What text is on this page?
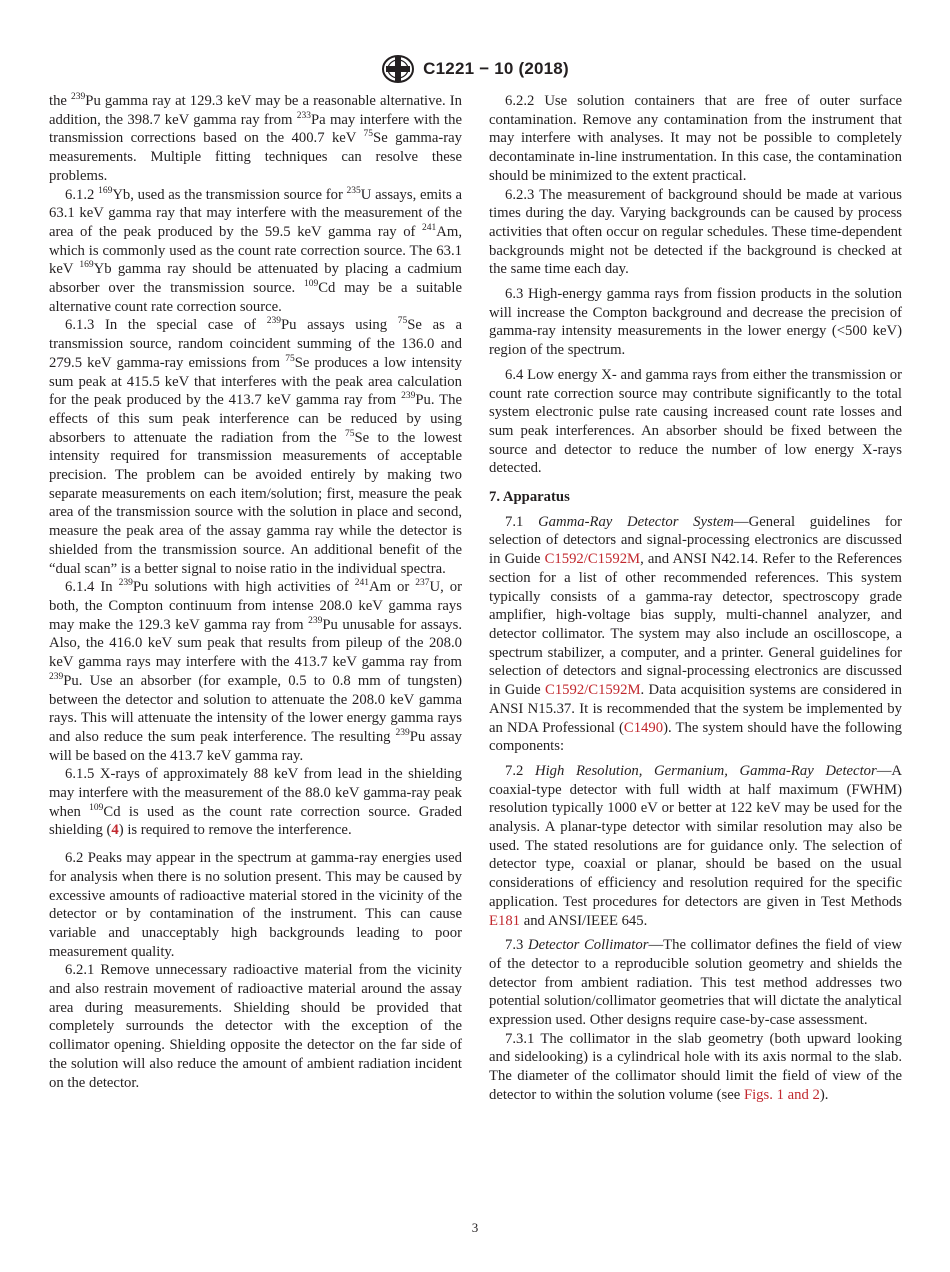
C1221 − 10 (2018)

the $^{239}$Pu gamma ray at 129.3 keV may be a reasonable alternative. In addition, the 398.7 keV gamma ray from $^{233}$Pa may interfere with the transmission corrections based on the 400.7 keV $^{75}$Se gamma-ray measurements. Multiple fitting techniques can resolve these problems.

6.1.2 $^{169}$Yb, used as the transmission source for $^{235}$U assays, emits a 63.1 keV gamma ray that may interfere with the measurement of the area of the peak produced by the 59.5 keV gamma ray of $^{241}$Am, which is commonly used as the count rate correction source. The 63.1 keV $^{169}$Yb gamma ray should be attenuated by placing a cadmium absorber over the transmission source. $^{109}$Cd may be a suitable alternative count rate correction source.

6.1.3 In the special case of $^{239}$Pu assays using $^{75}$Se as a transmission source, random coincident summing of the 136.0 and 279.5 keV gamma-ray emissions from $^{75}$Se produces a low intensity sum peak at 415.5 keV that interferes with the peak area calculation for the peak produced by the 413.7 keV gamma ray from $^{239}$Pu. The effects of this sum peak interference can be reduced by using absorbers to attenuate the radiation from the $^{75}$Se to the lowest intensity required for transmission measurements of acceptable precision. The problem can be avoided entirely by making two separate measurements on each item/solution; first, measure the peak area of the transmission source with the solution in place and second, measure the peak area of the assay gamma ray while the detector is shielded from the transmission source. An additional benefit of the “dual scan” is a better signal to noise ratio in the individual spectra.

6.1.4 In $^{239}$Pu solutions with high activities of $^{241}$Am or $^{237}$U, or both, the Compton continuum from intense 208.0 keV gamma rays may make the 129.3 keV gamma ray from $^{239}$Pu unusable for assays. Also, the 416.0 keV sum peak that results from pileup of the 208.0 keV gamma rays may interfere with the 413.7 keV gamma ray from $^{239}$Pu. Use an absorber (for example, 0.5 to 0.8 mm of tungsten) between the detector and solution to attenuate the 208.0 keV gamma rays. This will attenuate the intensity of the lower energy gamma rays and also reduce the sum peak interference. The resulting $^{239}$Pu assay will be based on the 413.7 keV gamma ray.

6.1.5 X-rays of approximately 88 keV from lead in the shielding may interfere with the measurement of the 88.0 keV gamma-ray peak when $^{109}$Cd is used as the count rate correction source. Graded shielding (4) is required to remove the interference.

6.2 Peaks may appear in the spectrum at gamma-ray energies used for analysis when there is no solution present. This may be caused by excessive amounts of radioactive material stored in the vicinity of the detector or by contamination of the instrument. This can cause variable and unacceptably high backgrounds leading to poor measurement quality.

6.2.1 Remove unnecessary radioactive material from the vicinity and also restrain movement of radioactive material around the assay area during measurements. Shielding should be provided that completely surrounds the detector with the exception of the collimator opening. Shielding opposite the detector on the far side of the solution will also reduce the amount of ambient radiation incident on the detector.

6.2.2 Use solution containers that are free of outer surface contamination. Remove any contamination from the instrument that may interfere with analyses. It may not be possible to completely decontaminate in-line instrumentation. In this case, the contamination should be minimized to the extent practical.

6.2.3 The measurement of background should be made at various times during the day. Varying backgrounds can be caused by process activities that often occur on regular schedules. These time-dependent backgrounds might not be detected if the background is checked at the same time each day.

6.3 High-energy gamma rays from fission products in the solution will increase the Compton background and decrease the precision of gamma-ray intensity measurements in the lower energy (<500 keV) region of the spectrum.

6.4 Low energy X- and gamma rays from either the transmission or count rate correction source may contribute significantly to the total system electronic pulse rate causing increased count rate losses and sum peak interferences. An absorber should be fixed between the source and detector to reduce the number of low energy X-rays detected.

7. Apparatus

7.1 Gamma-Ray Detector System—General guidelines for selection of detectors and signal-processing electronics are discussed in Guide C1592/C1592M, and ANSI N42.14. Refer to the References section for a list of other recommended references. This system typically consists of a gamma-ray detector, spectroscopy grade amplifier, high-voltage bias supply, multi-channel analyzer, and detector collimator. The system may also include an oscilloscope, a spectrum stabilizer, a computer, and a printer. General guidelines for selection of detectors and signal-processing electronics are discussed in Guide C1592/C1592M. Data acquisition systems are considered in ANSI N15.37. It is recommended that the system be implemented by an NDA Professional (C1490). The system should have the following components:

7.2 High Resolution, Germanium, Gamma-Ray Detector—A coaxial-type detector with full width at half maximum (FWHM) resolution typically 1000 eV or better at 122 keV may be used for the analysis. A planar-type detector with similar resolution may also be used. The stated resolutions are for guidance only. The selection of detector type, coaxial or planar, should be based on the usual considerations of efficiency and resolution required for the specific application. Test procedures for detectors are given in Test Methods E181 and ANSI/IEEE 645.

7.3 Detector Collimator—The collimator defines the field of view of the detector to a reproducible solution geometry and shields the detector from ambient radiation. This test method addresses two potential solution/collimator geometries that will dictate the analytical expression used. Other designs require case-by-case assessment.

7.3.1 The collimator in the slab geometry (both upward looking and sidelooking) is a cylindrical hole with its axis normal to the slab. The diameter of the collimator should limit the field of view of the detector to within the solution volume (see Figs. 1 and 2).

3
